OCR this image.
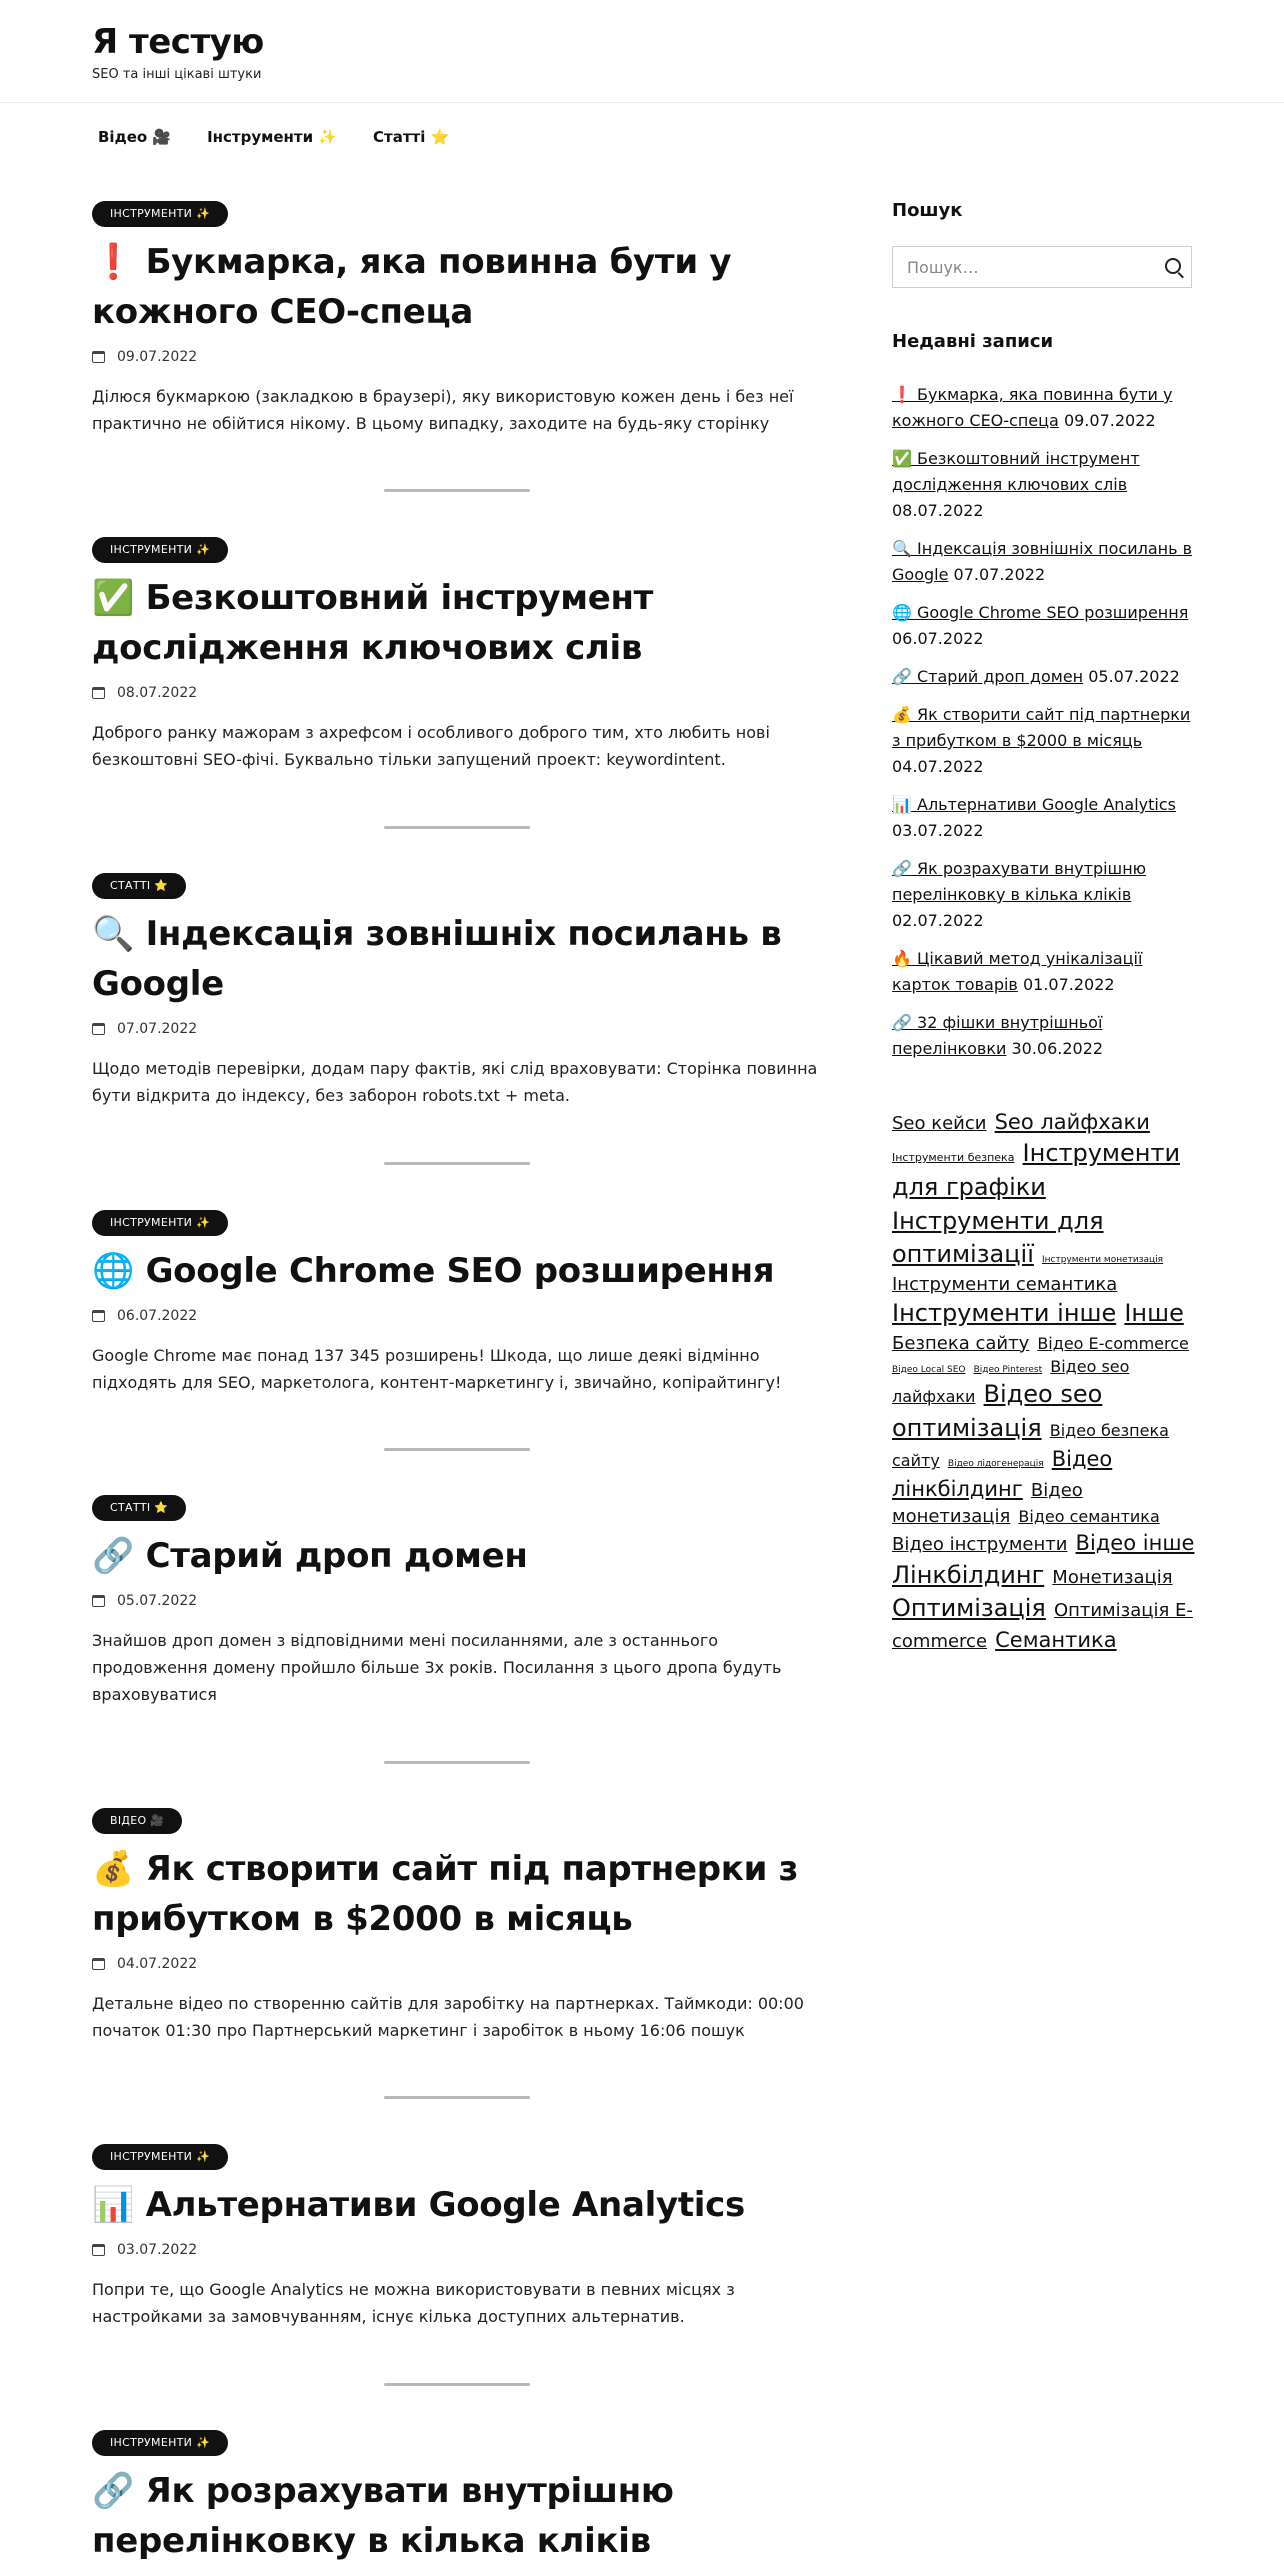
Я тестую
SEO та інші цікаві штуки
Відео 🎥 Інструменти ✨ Статті ⭐
ІНСТРУМЕНТИ ✨
❗ Букмарка, яка повинна бути у кожного СЕО-спеца
09.07.2022

Ділюся букмаркою (закладкою в браузері), яку використовую кожен день і без неї практично не обійтися нікому. В цьому випадку, заходите на будь-яку сторінку

ІНСТРУМЕНТИ ✨
✅ Безкоштовний інструмент дослідження ключових слів
08.07.2022

Доброго ранку мажорам з ахрефсом і особливого доброго тим, хто любить нові безкоштовні SEO-фічі. Буквально тільки запущений проект: keywordintent.

СТАТТІ ⭐
🔍 Індексація зовнішніх посилань в Google
07.07.2022

Щодо методів перевірки, додам пару фактів, які слід враховувати: Сторінка повинна бути відкрита до індексу, без заборон robots.txt + meta.

ІНСТРУМЕНТИ ✨
🌐 Google Chrome SEO розширення
06.07.2022

Google Chrome має понад 137 345 розширень! Шкода, що лише деякі відмінно підходять для SEO, маркетолога, контент-маркетингу і, звичайно, копірайтингу!

СТАТТІ ⭐
🔗 Старий дроп домен
05.07.2022

Знайшов дроп домен з відповідними мені посиланнями, але з останнього продовження домену пройшло більше 3х років. Посилання з цього дропа будуть враховуватися

ВІДЕО 🎥
💰 Як створити сайт під партнерки з прибутком в $2000 в місяць
04.07.2022

Детальне відео по створенню сайтів для заробітку на партнерках. Таймкоди: 00:00 початок 01:30 про Партнерський маркетинг і заробіток в ньому 16:06 пошук

ІНСТРУМЕНТИ ✨
📊 Альтернативи Google Analytics
03.07.2022

Попри те, що Google Analytics не можна використовувати в певних місцях з настройками за замовчуванням, існує кілька доступних альтернатив.

ІНСТРУМЕНТИ ✨
🔗 Як розрахувати внутрішню перелінковку в кілька кліків
Пошук
Пошук…
Недавні записи
❗ Букмарка, яка повинна бути у кожного СЕО-спеца 09.07.2022
✅ Безкоштовний інструмент дослідження ключових слів 08.07.2022
🔍 Індексація зовнішніх посилань в Google 07.07.2022
🌐 Google Chrome SEO розширення 06.07.2022
🔗 Старий дроп домен 05.07.2022
💰 Як створити сайт під партнерки з прибутком в $2000 в місяць 04.07.2022
📊 Альтернативи Google Analytics 03.07.2022
🔗 Як розрахувати внутрішню перелінковку в кілька кліків 02.07.2022
🔥 Цікавий метод унікалізації карток товарів 01.07.2022
🔗 32 фішки внутрішньої перелінковки 30.06.2022
Seo кейси Seo лайфхаки Інструменти безпека Інструменти для графіки Інструменти для оптимізації Інструменти монетизація Інструменти семантика Інструменти інше Інше Безпека сайту Відео E-commerce Відео Local SEO Відео Pinterest Відео seo лайфхаки Відео seo оптимізація Відео безпека сайту Відео лідогенерація Відео лінкбілдинг Відео монетизація Відео семантика Відео інструменти Відео інше Лінкбілдинг Монетизація Оптимізація Оптимізація E-commerce Семантика
